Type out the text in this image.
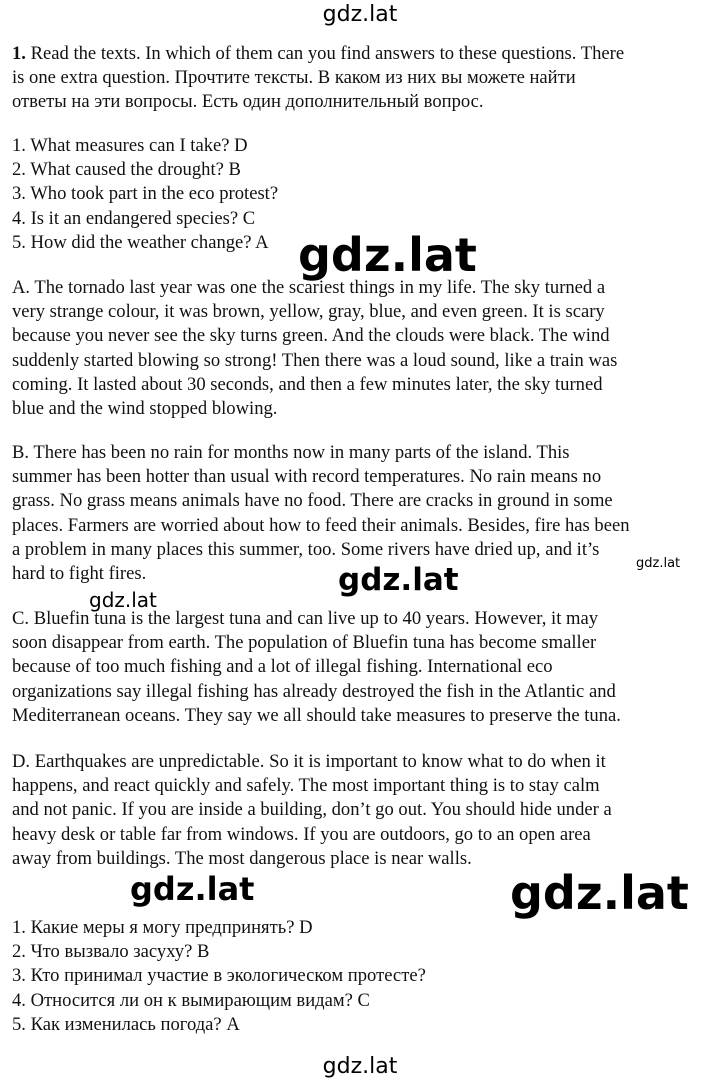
gdz.lat

1. Read the texts. In which of them can you find answers to these questions. There

is one extra question. Прочтите тексты. В каком из них вы можете найти

ответы на эти вопросы. Есть один дополнительный вопрос.

1. What measures can I take? D

2. What caused the drought? B

3. Who took part in the eco protest?

4. Is it an endangered species? C

5. How did the weather change? A

A. The tornado last year was one the scariest things in my life. The sky turned a

very strange colour, it was brown, yellow, gray, blue, and even green. It is scary

because you never see the sky turns green. And the clouds were black. The wind

suddenly started blowing so strong! Then there was a loud sound, like a train was

coming. It lasted about 30 seconds, and then a few minutes later, the sky turned

blue and the wind stopped blowing.

B. There has been no rain for months now in many parts of the island. This

summer has been hotter than usual with record temperatures. No rain means no

grass. No grass means animals have no food. There are cracks in ground in some

places. Farmers are worried about how to feed their animals. Besides, fire has been

a problem in many places this summer, too. Some rivers have dried up, and it’s

hard to fight fires.

C. Bluefin tuna is the largest tuna and can live up to 40 years. However, it may

soon disappear from earth. The population of Bluefin tuna has become smaller

because of too much fishing and a lot of illegal fishing. International eco

organizations say illegal fishing has already destroyed the fish in the Atlantic and

Mediterranean oceans. They say we all should take measures to preserve the tuna.

D. Earthquakes are unpredictable. So it is important to know what to do when it

happens, and react quickly and safely. The most important thing is to stay calm

and not panic. If you are inside a building, don’t go out. You should hide under a

heavy desk or table far from windows. If you are outdoors, go to an open area

away from buildings. The most dangerous place is near walls.

1. Какие меры я могу предпринять? D

2. Что вызвало засуху? B

3. Кто принимал участие в экологическом протесте?

4. Относится ли он к вымирающим видам? C

5. Как изменилась погода? A

gdz.lat
gdz.lat	gdz.lat
gdz.lat
gdz.lat	gdz.lat
gdz.lat
